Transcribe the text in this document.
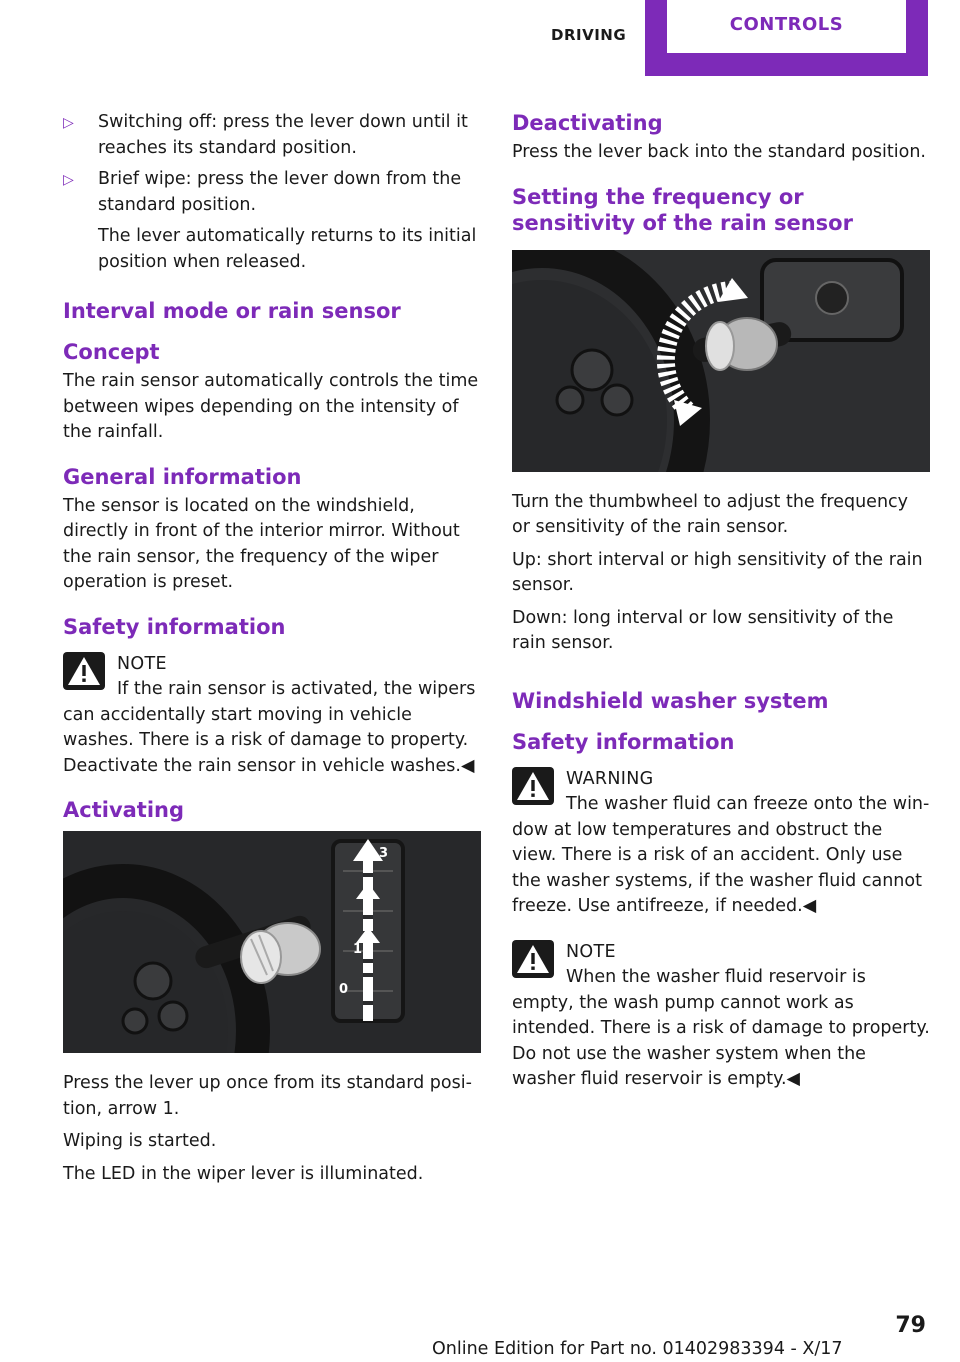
DRIVING	CONTROLS
▷ Switching off: press the lever down until it reaches its standard position.

▷ Brief wipe: press the lever down from the standard position.

The lever automatically returns to its initial position when released.

Interval mode or rain sensor
Concept

The rain sensor automatically controls the time between wipes depending on the intensity of the rainfall.

General information

The sensor is located on the windshield, directly in front of the interior mirror. Without the rain sensor, the frequency of the wiper operation is preset.

Safety information
NOTE
If the rain sensor is activated, the wipers can accidentally start moving in vehicle washes. There is a risk of damage to property. Deactivate the rain sensor in vehicle washes.◀
Activating
3
2
1
0

Press the lever up once from its standard position, arrow 1.

Wiping is started.

The LED in the wiper lever is illuminated.

Deactivating

Press the lever back into the standard position.

Setting the frequency or sensitivity of the rain sensor

Turn the thumbwheel to adjust the frequency or sensitivity of the rain sensor.

Up: short interval or high sensitivity of the rain sensor.

Down: long interval or low sensitivity of the rain sensor.

Windshield washer system
Safety information
WARNING
The washer fluid can freeze onto the window at low temperatures and obstruct the view. There is a risk of an accident. Only use the washer systems, if the washer fluid cannot freeze. Use antifreeze, if needed.◀
NOTE
When the washer fluid reservoir is empty, the wash pump cannot work as intended. There is a risk of damage to property. Do not use the washer system when the washer fluid reservoir is empty.◀
79
Online Edition for Part no. 01402983394 - X/17
